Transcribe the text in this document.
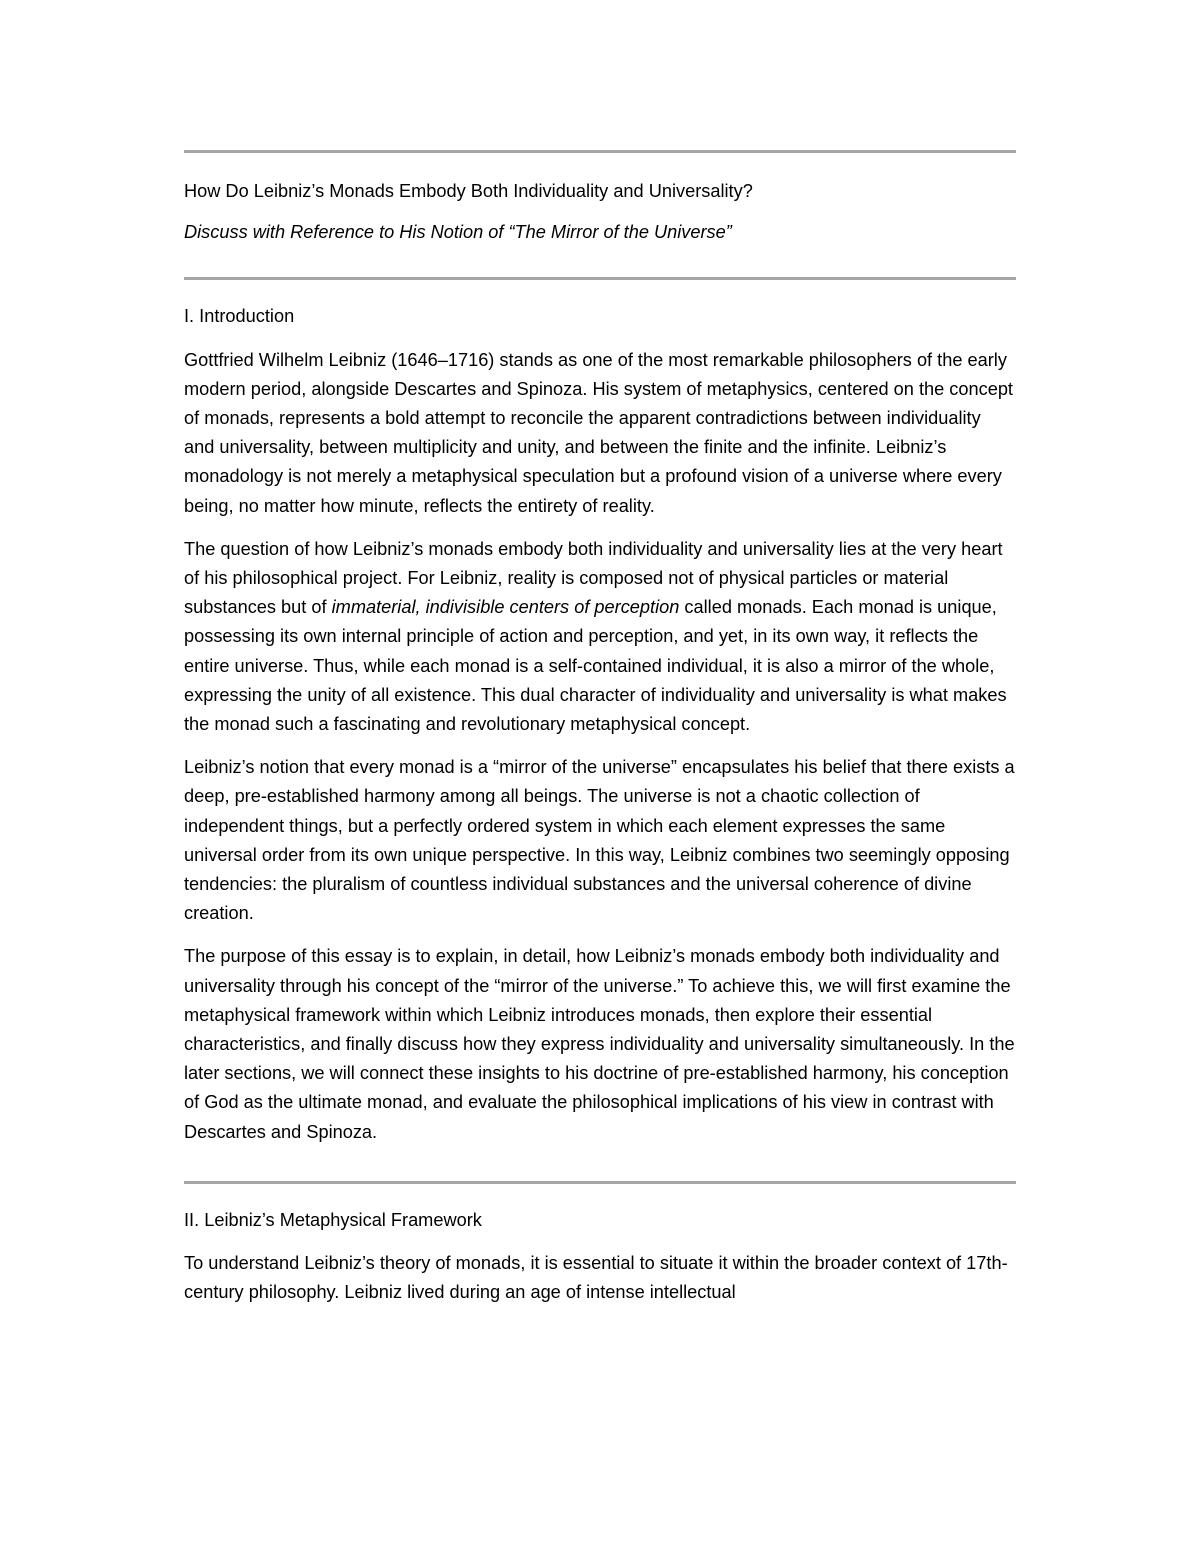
How Do Leibniz’s Monads Embody Both Individuality and Universality?
Discuss with Reference to His Notion of “The Mirror of the Universe”
I. Introduction

Gottfried Wilhelm Leibniz (1646–1716) stands as one of the most remarkable philosophers of the early modern period, alongside Descartes and Spinoza. His system of metaphysics, centered on the concept of monads, represents a bold attempt to reconcile the apparent contradictions between individuality and universality, between multiplicity and unity, and between the finite and the infinite. Leibniz’s monadology is not merely a metaphysical speculation but a profound vision of a universe where every being, no matter how minute, reflects the entirety of reality.

The question of how Leibniz’s monads embody both individuality and universality lies at the very heart of his philosophical project. For Leibniz, reality is composed not of physical particles or material substances but of immaterial, indivisible centers of perception called monads. Each monad is unique, possessing its own internal principle of action and perception, and yet, in its own way, it reflects the entire universe. Thus, while each monad is a self-contained individual, it is also a mirror of the whole, expressing the unity of all existence. This dual character of individuality and universality is what makes the monad such a fascinating and revolutionary metaphysical concept.

Leibniz’s notion that every monad is a “mirror of the universe” encapsulates his belief that there exists a deep, pre-established harmony among all beings. The universe is not a chaotic collection of independent things, but a perfectly ordered system in which each element expresses the same universal order from its own unique perspective. In this way, Leibniz combines two seemingly opposing tendencies: the pluralism of countless individual substances and the universal coherence of divine creation.

The purpose of this essay is to explain, in detail, how Leibniz’s monads embody both individuality and universality through his concept of the “mirror of the universe.” To achieve this, we will first examine the metaphysical framework within which Leibniz introduces monads, then explore their essential characteristics, and finally discuss how they express individuality and universality simultaneously. In the later sections, we will connect these insights to his doctrine of pre-established harmony, his conception of God as the ultimate monad, and evaluate the philosophical implications of his view in contrast with Descartes and Spinoza.

II. Leibniz’s Metaphysical Framework

To understand Leibniz’s theory of monads, it is essential to situate it within the broader context of 17th-century philosophy. Leibniz lived during an age of intense intellectual
